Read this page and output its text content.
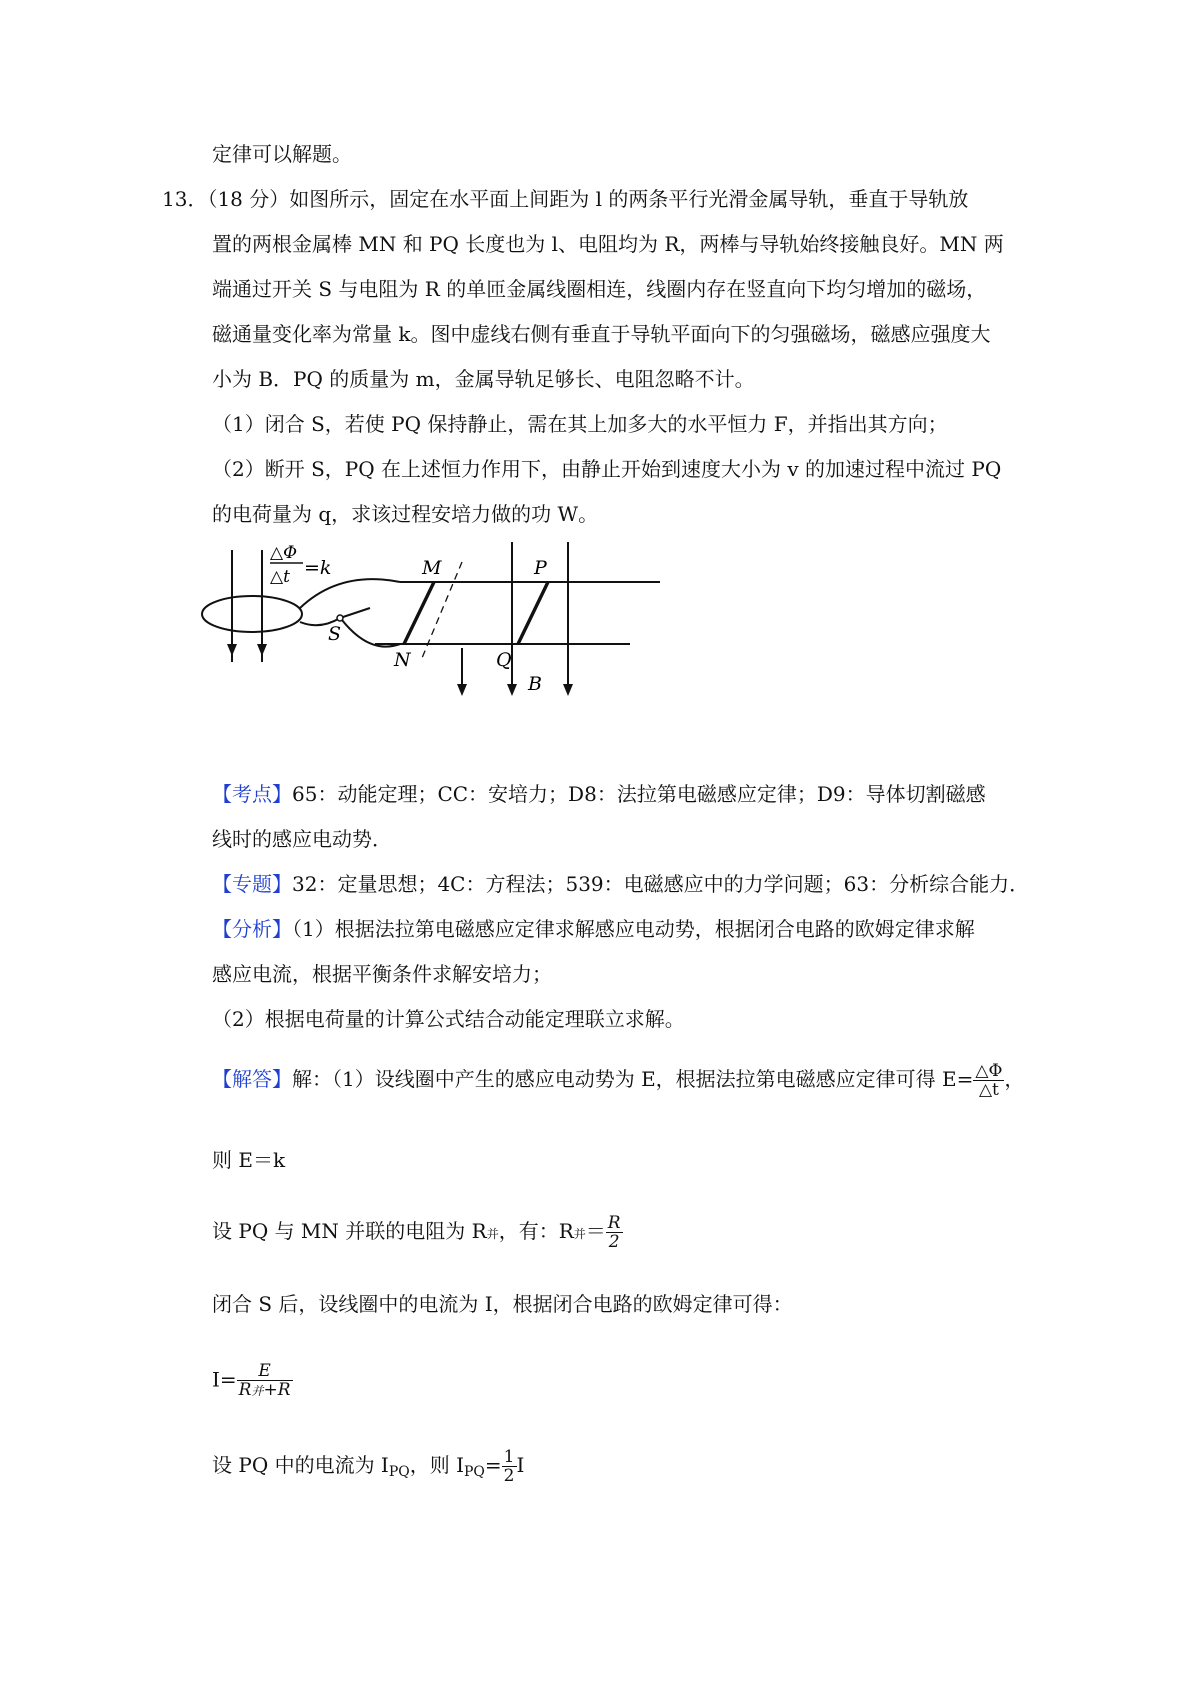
定律可以解题。
13．（18 分）如图所示，固定在水平面上间距为 l 的两条平行光滑金属导轨，垂直于导轨放
置的两根金属棒 MN 和 PQ 长度也为 l、电阻均为 R，两棒与导轨始终接触良好。MN 两
端通过开关 S 与电阻为 R 的单匝金属线圈相连，线圈内存在竖直向下均匀增加的磁场，
磁通量变化率为常量 k。图中虚线右侧有垂直于导轨平面向下的匀强磁场，磁感应强度大
小为 B．PQ 的质量为 m，金属导轨足够长、电阻忽略不计。
（1）闭合 S，若使 PQ 保持静止，需在其上加多大的水平恒力 F，并指出其方向；
（2）断开 S，PQ 在上述恒力作用下，由静止开始到速度大小为 v 的加速过程中流过 PQ
的电荷量为 q，求该过程安培力做的功 W。
△Φ
△t =k	M	P
S
N	Q
B
【考点】65：动能定理；CC：安培力；D8：法拉第电磁感应定律；D9：导体切割磁感
线时的感应电动势．
【专题】32：定量思想；4C：方程法；539：电磁感应中的力学问题；63：分析综合能力．
【分析】（1）根据法拉第电磁感应定律求解感应电动势，根据闭合电路的欧姆定律求解
感应电流，根据平衡条件求解安培力；
（2）根据电荷量的计算公式结合动能定理联立求解。
【解答】解：（1）设线圈中产生的感应电动势为 E，根据法拉第电磁感应定律可得 $E= \frac{\triangle\Phi}{\triangle t}$ ，
则 E＝k
设 PQ 与 MN 并联的电阻为 R并，有：R并＝ $\frac{R}{2}$
闭合 S 后，设线圈中的电流为 I，根据闭合电路的欧姆定律可得：
$I= \frac{E}{\text{R并+R}}$
设 PQ 中的电流为 $I_{PQ}$，则 $I_{PQ}= \frac{1}{2}$ I
